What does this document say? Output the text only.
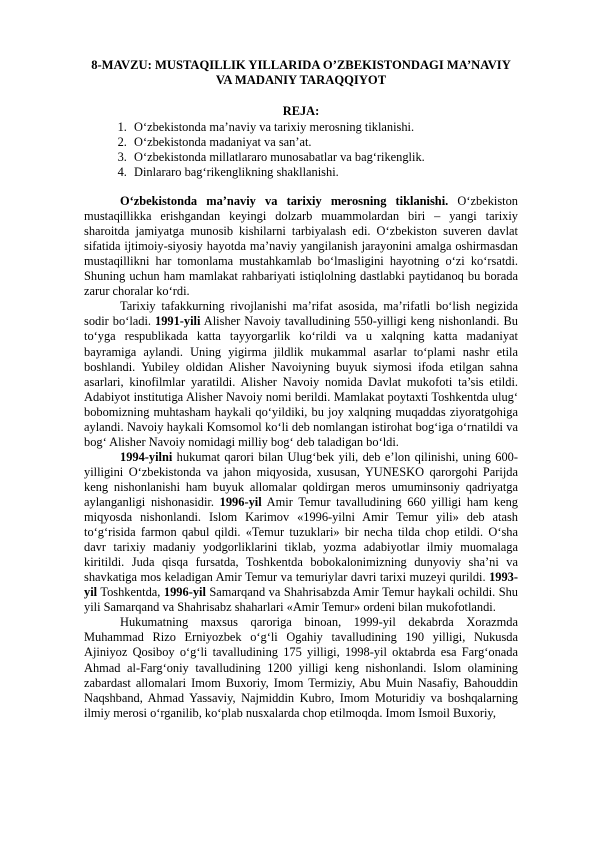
8-MAVZU: MUSTAQILLIK YILLARIDA O’ZBEKISTONDAGI MA’NAVIY VA MADANIY TARAQQIYOT
REJA:
1. O‘zbekistonda ma’naviy va tarixiy merosning tiklanishi.
2. O‘zbekistonda madaniyat va san’at.
3. O‘zbekistonda millatlararo munosabatlar va bag‘rikenglik.
4. Dinlararo bag‘rikenglikning shakllanishi.

O‘zbekistonda ma’naviy va tarixiy merosning tiklanishi. O‘zbekiston mustaqillikka erishgandan keyingi dolzarb muammolardan biri – yangi tarixiy sharoitda jamiyatga munosib kishilarni tarbiyalash edi. O‘zbekiston suveren davlat sifatida ijtimoiy-siyosiy hayotda ma’naviy yangilanish jarayonini amalga oshirmasdan mustaqillikni har tomonlama mustahkamlab bo‘lmasligini hayotning o‘zi ko‘rsatdi. Shuning uchun ham mamlakat rahbariyati istiqlolning dastlabki paytidanoq bu borada zarur choralar ko‘rdi.

Tarixiy tafakkurning rivojlanishi ma’rifat asosida, ma’rifatli bo‘lish negizida sodir bo‘ladi. 1991-yili Alisher Navoiy tavalludining 550-yilligi keng nishonlandi. Bu to‘yga respublikada katta tayyorgarlik ko‘rildi va u xalqning katta madaniyat bayramiga aylandi. Uning yigirma jildlik mukammal asarlar to‘plami nashr etila boshlandi. Yubiley oldidan Alisher Navoiyning buyuk siymosi ifoda etilgan sahna asarlari, kinofilmlar yaratildi. Alisher Navoiy nomida Davlat mukofoti ta’sis etildi. Adabiyot institutiga Alisher Navoiy nomi berildi. Mamlakat poytaxti Toshkentda ulug‘ bobomizning muhtasham haykali qo‘yildiki, bu joy xalqning muqaddas ziyoratgohiga aylandi. Navoiy haykali Komsomol ko‘li deb nomlangan istirohat bog‘iga o‘rnatildi va bog‘ Alisher Navoiy nomidagi milliy bog‘ deb taladigan bo‘ldi.

1994-yilni hukumat qarori bilan Ulug‘bek yili, deb e’lon qilinishi, uning 600-yilligini O‘zbekistonda va jahon miqyosida, xususan, YUNESKO qarorgohi Parijda keng nishonlanishi ham buyuk allomalar qoldirgan meros umuminsoniy qadriyatga aylanganligi nishonasidir. 1996-yil Amir Temur tavalludining 660 yilligi ham keng miqyosda nishonlandi. Islom Karimov «1996-yilni Amir Temur yili» deb atash to‘g‘risida farmon qabul qildi. «Temur tuzuklari» bir necha tilda chop etildi. O‘sha davr tarixiy madaniy yodgorliklarini tiklab, yozma adabiyotlar ilmiy muomalaga kiritildi. Juda qisqa fursatda, Toshkentda bobokalonimizning dunyoviy sha’ni va shavkatiga mos keladigan Amir Temur va temuriylar davri tarixi muzeyi qurildi. 1993-yil Toshkentda, 1996-yil Samarqand va Shahrisabzda Amir Temur haykali ochildi. Shu yili Samarqand va Shahrisabz shaharlari «Amir Temur» ordeni bilan mukofotlandi.

Hukumatning maxsus qaroriga binoan, 1999-yil dekabrda Xorazmda Muhammad Rizo Erniyozbek o‘g‘li Ogahiy tavalludining 190 yilligi, Nukusda Ajiniyoz Qosiboy o‘g‘li tavalludining 175 yilligi, 1998-yil oktabrda esa Farg‘onada Ahmad al-Farg‘oniy tavalludining 1200 yilligi keng nishonlandi. Islom olamining zabardast allomalari Imom Buxoriy, Imom Termiziy, Abu Muin Nasafiy, Bahouddin Naqshband, Ahmad Yassaviy, Najmiddin Kubro, Imom Moturidiy va boshqalarning ilmiy merosi o‘rganilib, ko‘plab nusxalarda chop etilmoqda. Imom Ismoil Buxoriy,
